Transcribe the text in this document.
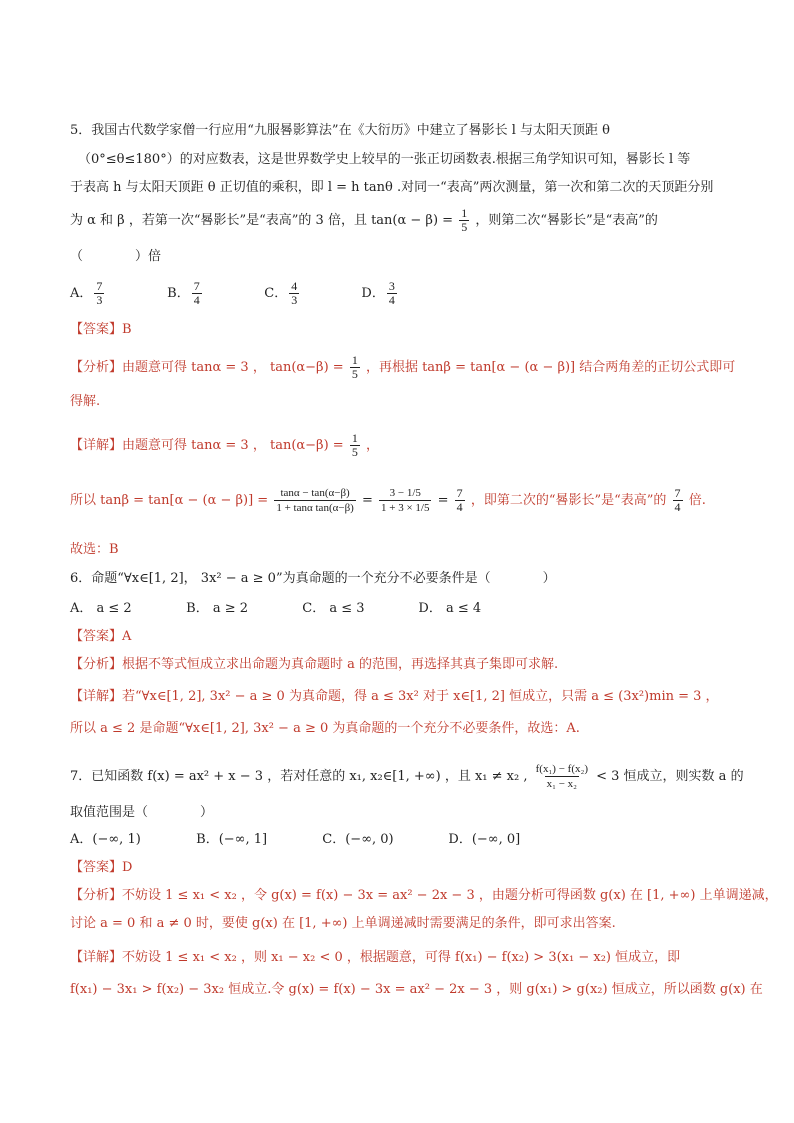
5．我国古代数学家僧一行应用“九服晷影算法”在《大衍历》中建立了晷影长 l 与太阳天顶距 θ
（0°≤θ≤180°）的对应数表，这是世界数学史上较早的一张正切函数表.根据三角学知识可知，晷影长 l 等
于表高 h 与太阳天顶距 θ 正切值的乘积，即 l = h tanθ .对同一“表高”两次测量，第一次和第二次的天顶距分别
为 α 和 β ，若第一次“晷影长”是“表高”的 3 倍，且 $\tan(\alpha - \beta) = \frac{1}{5}$ ，则第二次“晷影长”是“表高”的
（　　　　）倍
A． $\frac{7}{3}$	B． $\frac{7}{4}$	C． $\frac{4}{3}$	D． $\frac{3}{4}$
【答案】B
【分析】由题意可得 tanα = 3 ， $\tan(\alpha-\beta) = \frac{1}{5}$ ，再根据 tanβ = tan[α − (α − β)] 结合两角差的正切公式即可
得解.
【详解】由题意可得 tanα = 3 ， $\tan(\alpha-\beta) = \frac{1}{5}$ ，
所以 $\tan\beta = \tan[\alpha - (\alpha - \beta)] = \frac{\tan\alpha - \tan(\alpha-\beta)}{\text{1 + tanα tan(α−β)}} = \frac{3 - 1/5}{1 + 3 \times 1/5} = \frac{7}{4}$ ，即第二次的“晷影长”是“表高”的 $\frac{7}{4}$ 倍.
故选：B
6．命题“∀x∈[1, 2]， 3x² − a ≥ 0”为真命题的一个充分不必要条件是（　　　　）
A． a ≤ 2	B． a ≥ 2	C． a ≤ 3	D． a ≤ 4
【答案】A
【分析】根据不等式恒成立求出命题为真命题时 a 的范围，再选择其真子集即可求解.
【详解】若“∀x∈[1, 2], 3x² − a ≥ 0 为真命题，得 a ≤ 3x² 对于 x∈[1, 2] 恒成立，只需 a ≤ (3x²)min = 3 ，
所以 a ≤ 2 是命题“∀x∈[1, 2], 3x² − a ≥ 0 为真命题的一个充分不必要条件，故选：A.
7．已知函数 f(x) = ax² + x − 3 ，若对任意的 x₁, x₂∈[1, +∞) ，且 x₁ ≠ x₂ , $\frac{\text{f(x₁) − f(x₂)}}{\text{x₁ − x₂}} < 3$ 恒成立，则实数 a 的
取值范围是（　　　　）
A．(−∞, 1)	B．(−∞, 1]	C．(−∞, 0)	D．(−∞, 0]
【答案】D
【分析】不妨设 1 ≤ x₁ < x₂ ，令 g(x) = f(x) − 3x = ax² − 2x − 3 ，由题分析可得函数 g(x) 在 [1, +∞) 上单调递减，
讨论 a = 0 和 a ≠ 0 时，要使 g(x) 在 [1, +∞) 上单调递减时需要满足的条件，即可求出答案.
【详解】不妨设 1 ≤ x₁ < x₂ ，则 x₁ − x₂ < 0 ，根据题意，可得 f(x₁) − f(x₂) > 3(x₁ − x₂) 恒成立，即
f(x₁) − 3x₁ > f(x₂) − 3x₂ 恒成立.令 g(x) = f(x) − 3x = ax² − 2x − 3 ，则 g(x₁) > g(x₂) 恒成立，所以函数 g(x) 在
